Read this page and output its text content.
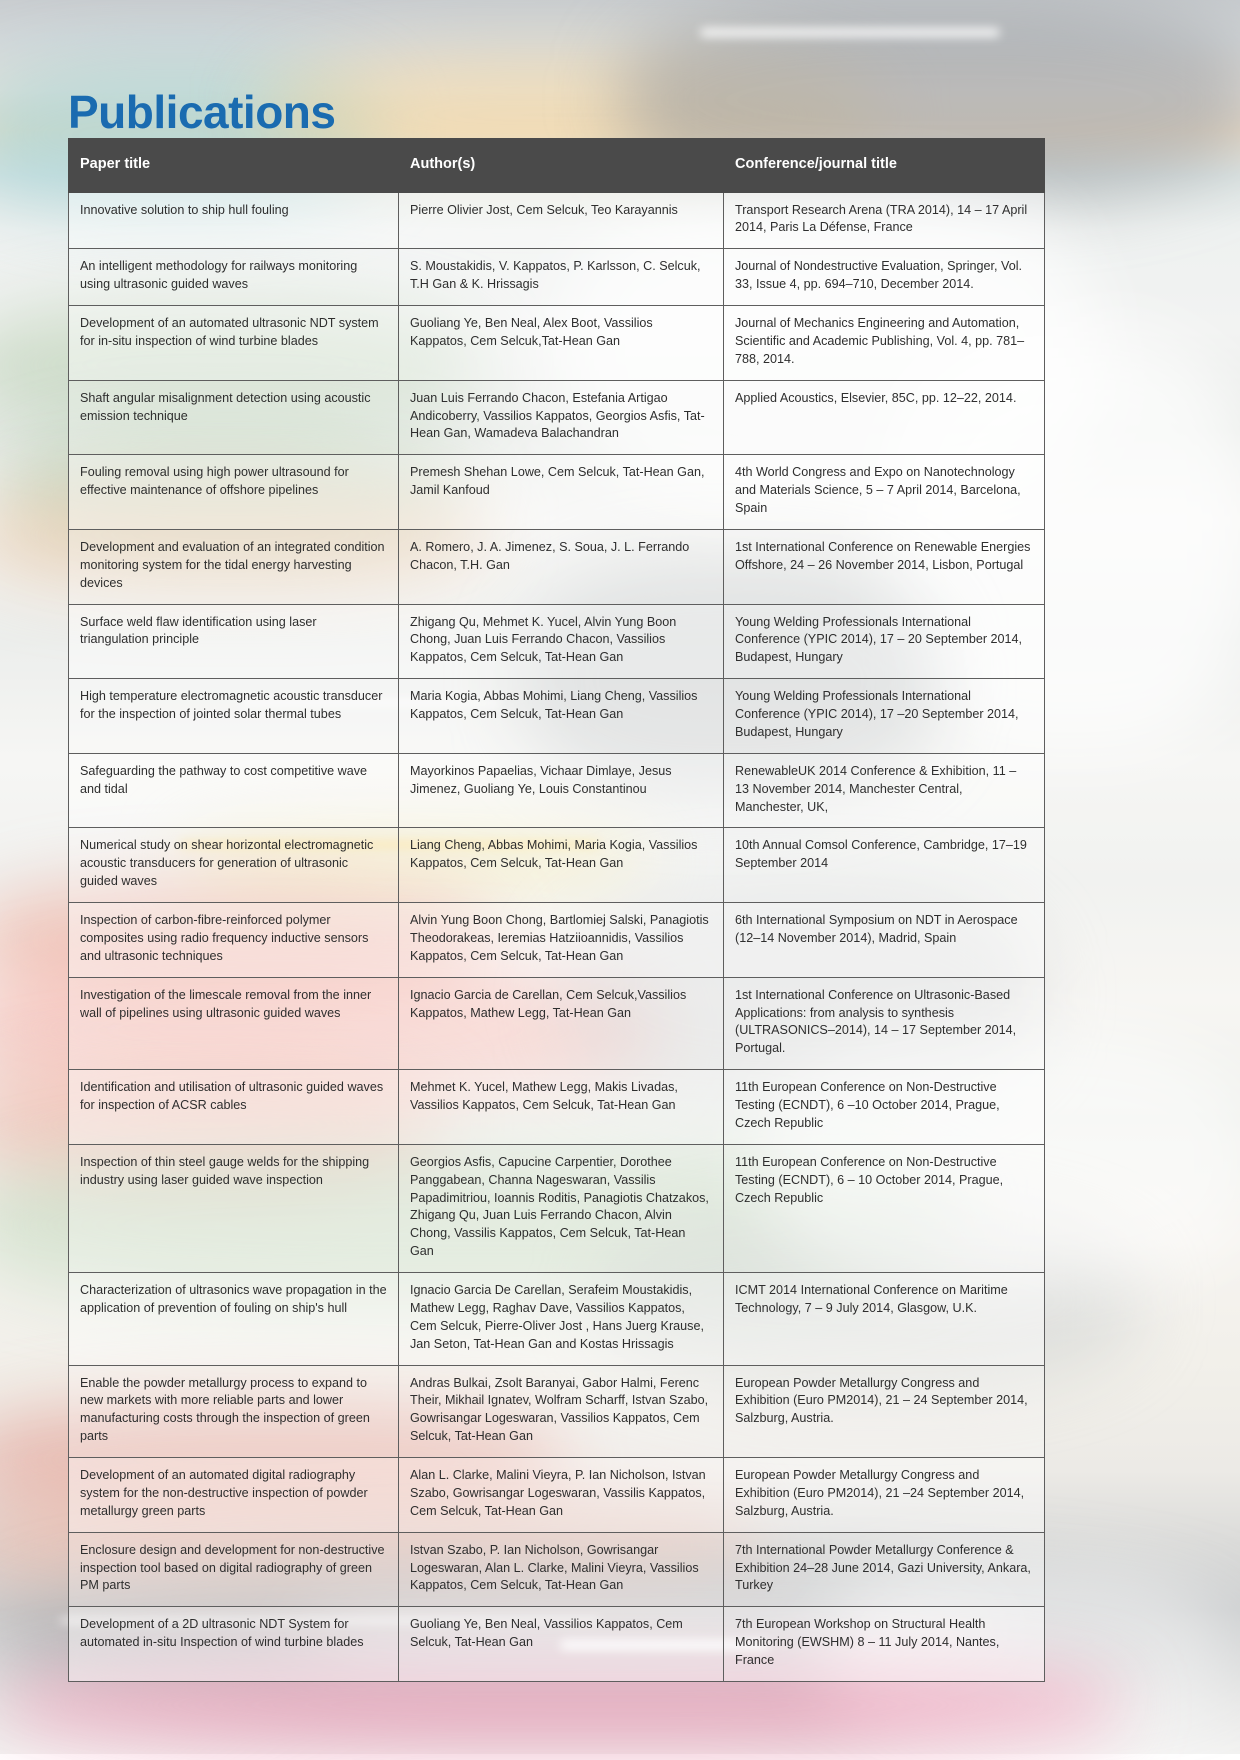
Publications
Paper title	Author(s)	Conference/journal title
Innovative solution to ship hull fouling	Pierre Olivier Jost, Cem Selcuk, Teo Karayannis	Transport Research Arena (TRA 2014), 14 – 17 April 2014, Paris La Défense, France
An intelligent methodology for railways monitoring using ultrasonic guided waves	S. Moustakidis, V. Kappatos, P. Karlsson, C. Selcuk, T.H Gan & K. Hrissagis	Journal of Nondestructive Evaluation, Springer, Vol. 33, Issue 4, pp. 694–710, December 2014.
Development of an automated ultrasonic NDT system for in-situ inspection of wind turbine blades	Guoliang Ye, Ben Neal, Alex Boot, Vassilios Kappatos, Cem Selcuk,Tat-Hean Gan	Journal of Mechanics Engineering and Automation, Scientific and Academic Publishing, Vol. 4, pp. 781–788, 2014.
Shaft angular misalignment detection using acoustic emission technique	Juan Luis Ferrando Chacon, Estefania Artigao Andicoberry, Vassilios Kappatos, Georgios Asfis, Tat-Hean Gan, Wamadeva Balachandran	Applied Acoustics, Elsevier, 85C, pp. 12–22, 2014.
Fouling removal using high power ultrasound for effective maintenance of offshore pipelines	Premesh Shehan Lowe, Cem Selcuk, Tat-Hean Gan, Jamil Kanfoud	4th World Congress and Expo on Nanotechnology and Materials Science, 5 – 7 April 2014, Barcelona, Spain
Development and evaluation of an integrated condition monitoring system for the tidal energy harvesting devices	A. Romero, J. A. Jimenez, S. Soua, J. L. Ferrando Chacon, T.H. Gan	1st International Conference on Renewable Energies Offshore, 24 – 26 November 2014, Lisbon, Portugal
Surface weld flaw identification using laser triangulation principle	Zhigang Qu, Mehmet K. Yucel, Alvin Yung Boon Chong, Juan Luis Ferrando Chacon, Vassilios Kappatos, Cem Selcuk, Tat-Hean Gan	Young Welding Professionals International Conference (YPIC 2014), 17 – 20 September 2014, Budapest, Hungary
High temperature electromagnetic acoustic transducer for the inspection of jointed solar thermal tubes	Maria Kogia, Abbas Mohimi, Liang Cheng, Vassilios Kappatos, Cem Selcuk, Tat-Hean Gan	Young Welding Professionals International Conference (YPIC 2014), 17 –20 September 2014, Budapest, Hungary
Safeguarding the pathway to cost competitive wave and tidal	Mayorkinos Papaelias, Vichaar Dimlaye, Jesus Jimenez, Guoliang Ye, Louis Constantinou	RenewableUK 2014 Conference & Exhibition, 11 – 13 November 2014, Manchester Central, Manchester, UK,
Numerical study on shear horizontal electromagnetic acoustic transducers for generation of ultrasonic guided waves	Liang Cheng, Abbas Mohimi, Maria Kogia, Vassilios Kappatos, Cem Selcuk, Tat-Hean Gan	10th Annual Comsol Conference, Cambridge, 17–19 September 2014
Inspection of carbon-fibre-reinforced polymer composites using radio frequency inductive sensors and ultrasonic techniques	Alvin Yung Boon Chong, Bartlomiej Salski, Panagiotis Theodorakeas, Ieremias Hatziioannidis, Vassilios Kappatos, Cem Selcuk, Tat-Hean Gan	6th International Symposium on NDT in Aerospace (12–14 November 2014), Madrid, Spain
Investigation of the limescale removal from the inner wall of pipelines using ultrasonic guided waves	Ignacio Garcia de Carellan, Cem Selcuk,Vassilios Kappatos, Mathew Legg, Tat-Hean Gan	1st International Conference on Ultrasonic-Based Applications: from analysis to synthesis (ULTRASONICS–2014), 14 – 17 September 2014, Portugal.
Identification and utilisation of ultrasonic guided waves for inspection of ACSR cables	Mehmet K. Yucel, Mathew Legg, Makis Livadas, Vassilios Kappatos, Cem Selcuk, Tat-Hean Gan	11th European Conference on Non-Destructive Testing (ECNDT), 6 –10 October 2014, Prague, Czech Republic
Inspection of thin steel gauge welds for the shipping industry using laser guided wave inspection	Georgios Asfis, Capucine Carpentier, Dorothee Panggabean, Channa Nageswaran, Vassilis Papadimitriou, Ioannis Roditis, Panagiotis Chatzakos, Zhigang Qu, Juan Luis Ferrando Chacon, Alvin Chong, Vassilis Kappatos, Cem Selcuk, Tat-Hean Gan	11th European Conference on Non-Destructive Testing (ECNDT), 6 – 10 October 2014, Prague, Czech Republic
Characterization of ultrasonics wave propagation in the application of prevention of fouling on ship's hull	Ignacio Garcia De Carellan, Serafeim Moustakidis, Mathew Legg, Raghav Dave, Vassilios Kappatos, Cem Selcuk, Pierre-Oliver Jost , Hans Juerg Krause, Jan Seton, Tat-Hean Gan and Kostas Hrissagis	ICMT 2014 International Conference on Maritime Technology, 7 – 9 July 2014, Glasgow, U.K.
Enable the powder metallurgy process to expand to new markets with more reliable parts and lower manufacturing costs through the inspection of green parts	Andras Bulkai, Zsolt Baranyai, Gabor Halmi, Ferenc Their, Mikhail Ignatev, Wolfram Scharff, Istvan Szabo, Gowrisangar Logeswaran, Vassilios Kappatos, Cem Selcuk, Tat-Hean Gan	European Powder Metallurgy Congress and Exhibition (Euro PM2014), 21 – 24 September 2014, Salzburg, Austria.
Development of an automated digital radiography system for the non-destructive inspection of powder metallurgy green parts	Alan L. Clarke, Malini Vieyra, P. Ian Nicholson, Istvan Szabo, Gowrisangar Logeswaran, Vassilis Kappatos, Cem Selcuk, Tat-Hean Gan	European Powder Metallurgy Congress and Exhibition (Euro PM2014), 21 –24 September 2014, Salzburg, Austria.
Enclosure design and development for non-destructive inspection tool based on digital radiography of green PM parts	Istvan Szabo, P. Ian Nicholson, Gowrisangar Logeswaran, Alan L. Clarke, Malini Vieyra, Vassilios Kappatos, Cem Selcuk, Tat-Hean Gan	7th International Powder Metallurgy Conference & Exhibition 24–28 June 2014, Gazi University, Ankara, Turkey
Development of a 2D ultrasonic NDT System for automated in-situ Inspection of wind turbine blades	Guoliang Ye, Ben Neal, Vassilios Kappatos, Cem Selcuk, Tat-Hean Gan	7th European Workshop on Structural Health Monitoring (EWSHM) 8 – 11 July 2014, Nantes, France
